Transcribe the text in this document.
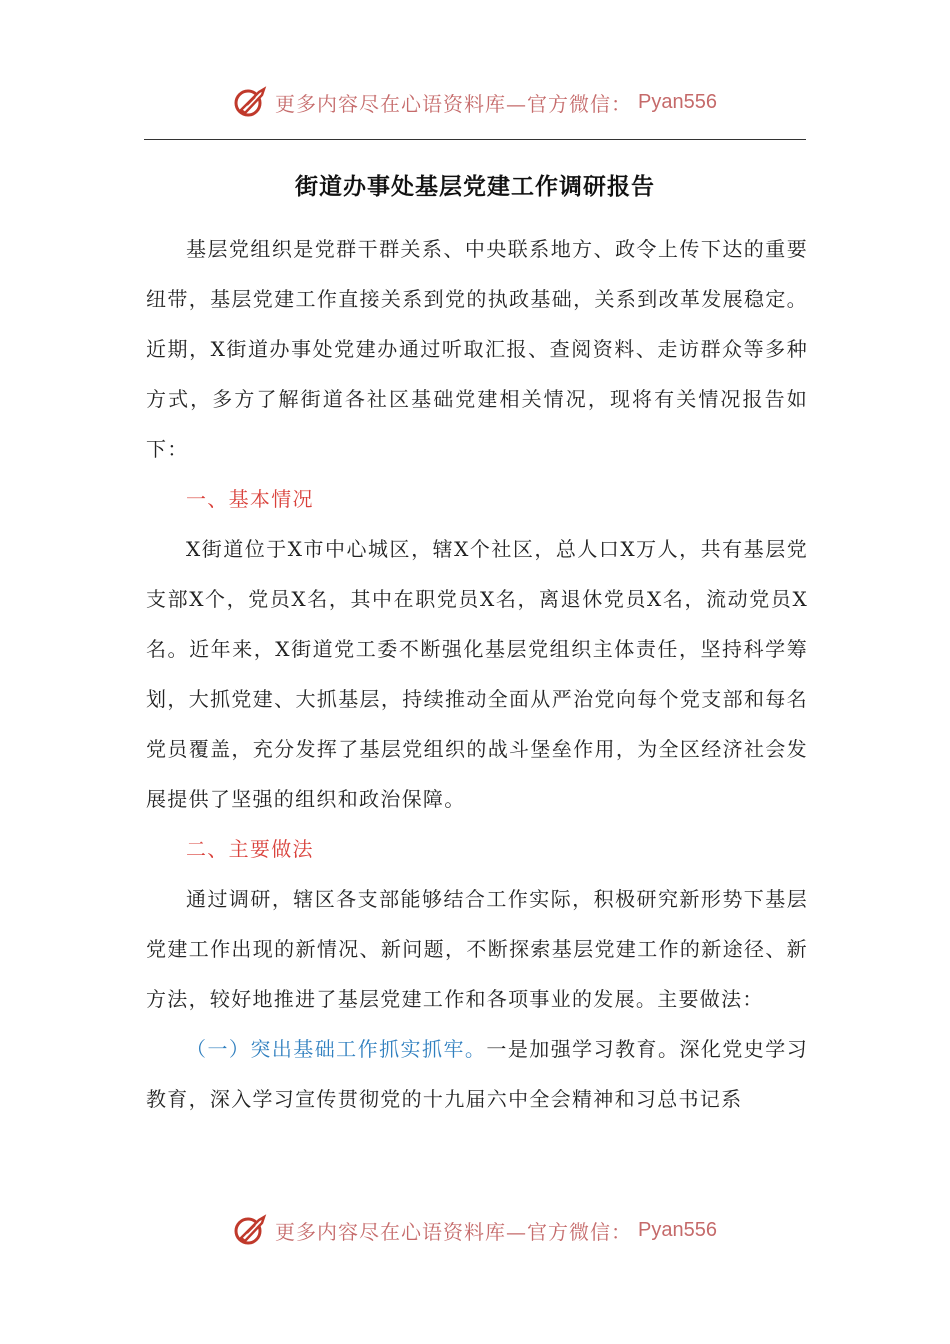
更多内容尽在心语资料库—官方微信： Pyan556
街道办事处基层党建工作调研报告

基层党组织是党群干群关系、中央联系地方、政令上传下达的重要纽带，基层党建工作直接关系到党的执政基础，关系到改革发展稳定。近期，X街道办事处党建办通过听取汇报、查阅资料、走访群众等多种方式，多方了解街道各社区基础党建相关情况，现将有关情况报告如下：

一、基本情况

X街道位于X市中心城区，辖X个社区，总人口X万人，共有基层党支部X个，党员X名，其中在职党员X名，离退休党员X名，流动党员X名。近年来，X街道党工委不断强化基层党组织主体责任，坚持科学筹划，大抓党建、大抓基层，持续推动全面从严治党向每个党支部和每名党员覆盖，充分发挥了基层党组织的战斗堡垒作用，为全区经济社会发展提供了坚强的组织和政治保障。

二、主要做法

通过调研，辖区各支部能够结合工作实际，积极研究新形势下基层党建工作出现的新情况、新问题，不断探索基层党建工作的新途径、新方法，较好地推进了基层党建工作和各项事业的发展。主要做法：

（一）突出基础工作抓实抓牢。一是加强学习教育。深化党史学习教育，深入学习宣传贯彻党的十九届六中全会精神和习总书记系

更多内容尽在心语资料库—官方微信： Pyan556
